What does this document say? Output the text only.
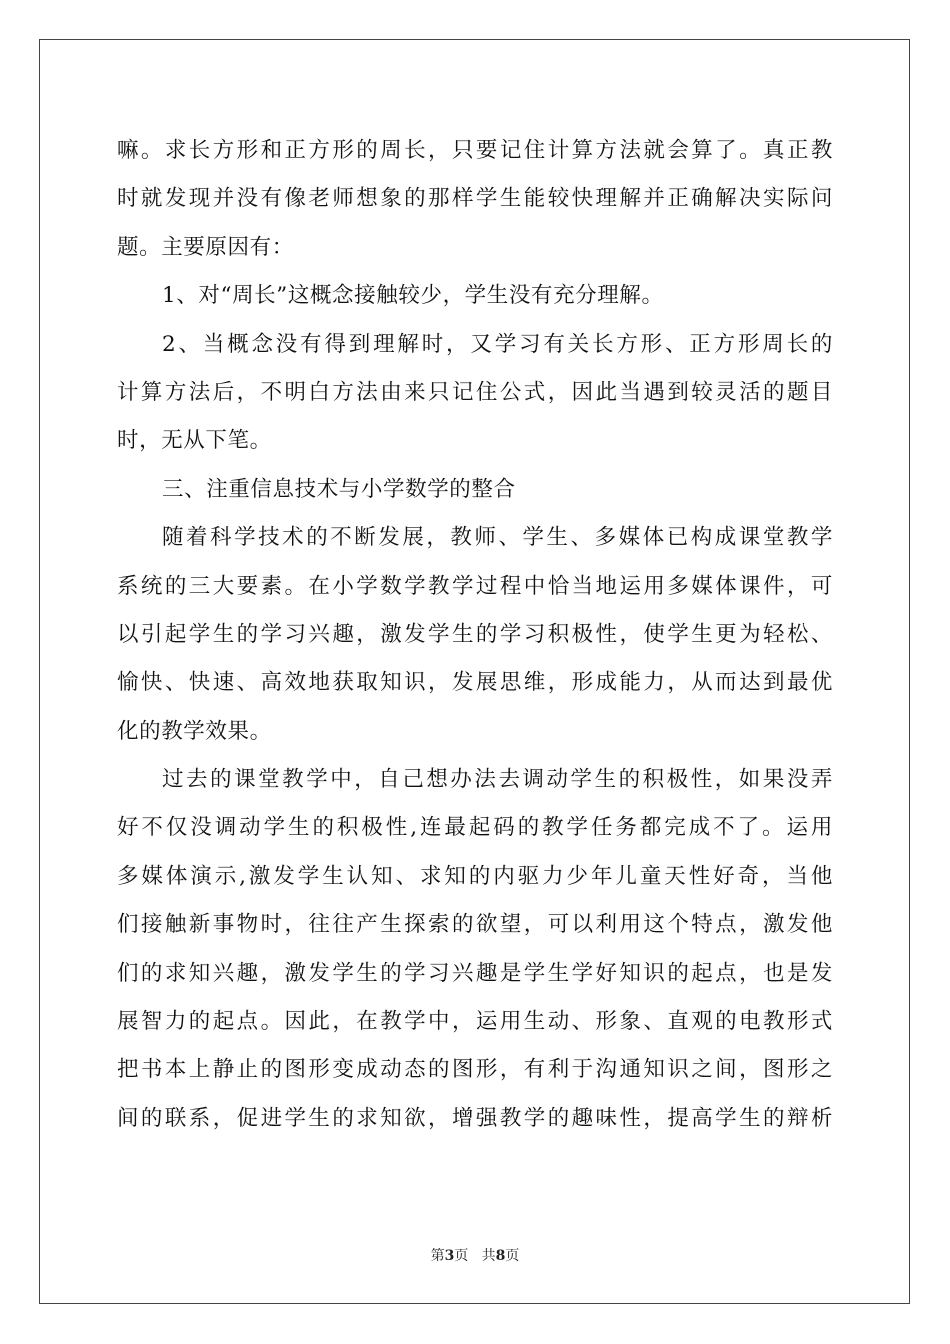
嘛。求长方形和正方形的周长，只要记住计算方法就会算了。真正教
时就发现并没有像老师想象的那样学生能较快理解并正确解决实际问
题。主要原因有：
1、对“周长”这概念接触较少，学生没有充分理解。
2、当概念没有得到理解时，又学习有关长方形、正方形周长的
计算方法后，不明白方法由来只记住公式，因此当遇到较灵活的题目
时，无从下笔。
三、注重信息技术与小学数学的整合
随着科学技术的不断发展，教师、学生、多媒体已构成课堂教学
系统的三大要素。在小学数学教学过程中恰当地运用多媒体课件，可
以引起学生的学习兴趣，激发学生的学习积极性，使学生更为轻松、
愉快、快速、高效地获取知识，发展思维，形成能力，从而达到最优
化的教学效果。
过去的课堂教学中，自己想办法去调动学生的积极性，如果没弄
好不仅没调动学生的积极性,连最起码的教学任务都完成不了。运用
多媒体演示,激发学生认知、求知的内驱力少年儿童天性好奇，当他
们接触新事物时，往往产生探索的欲望，可以利用这个特点，激发他
们的求知兴趣，激发学生的学习兴趣是学生学好知识的起点，也是发
展智力的起点。因此，在教学中，运用生动、形象、直观的电教形式
把书本上静止的图形变成动态的图形，有利于沟通知识之间，图形之
间的联系，促进学生的求知欲，增强教学的趣味性，提高学生的辩析
第3页 共8页
